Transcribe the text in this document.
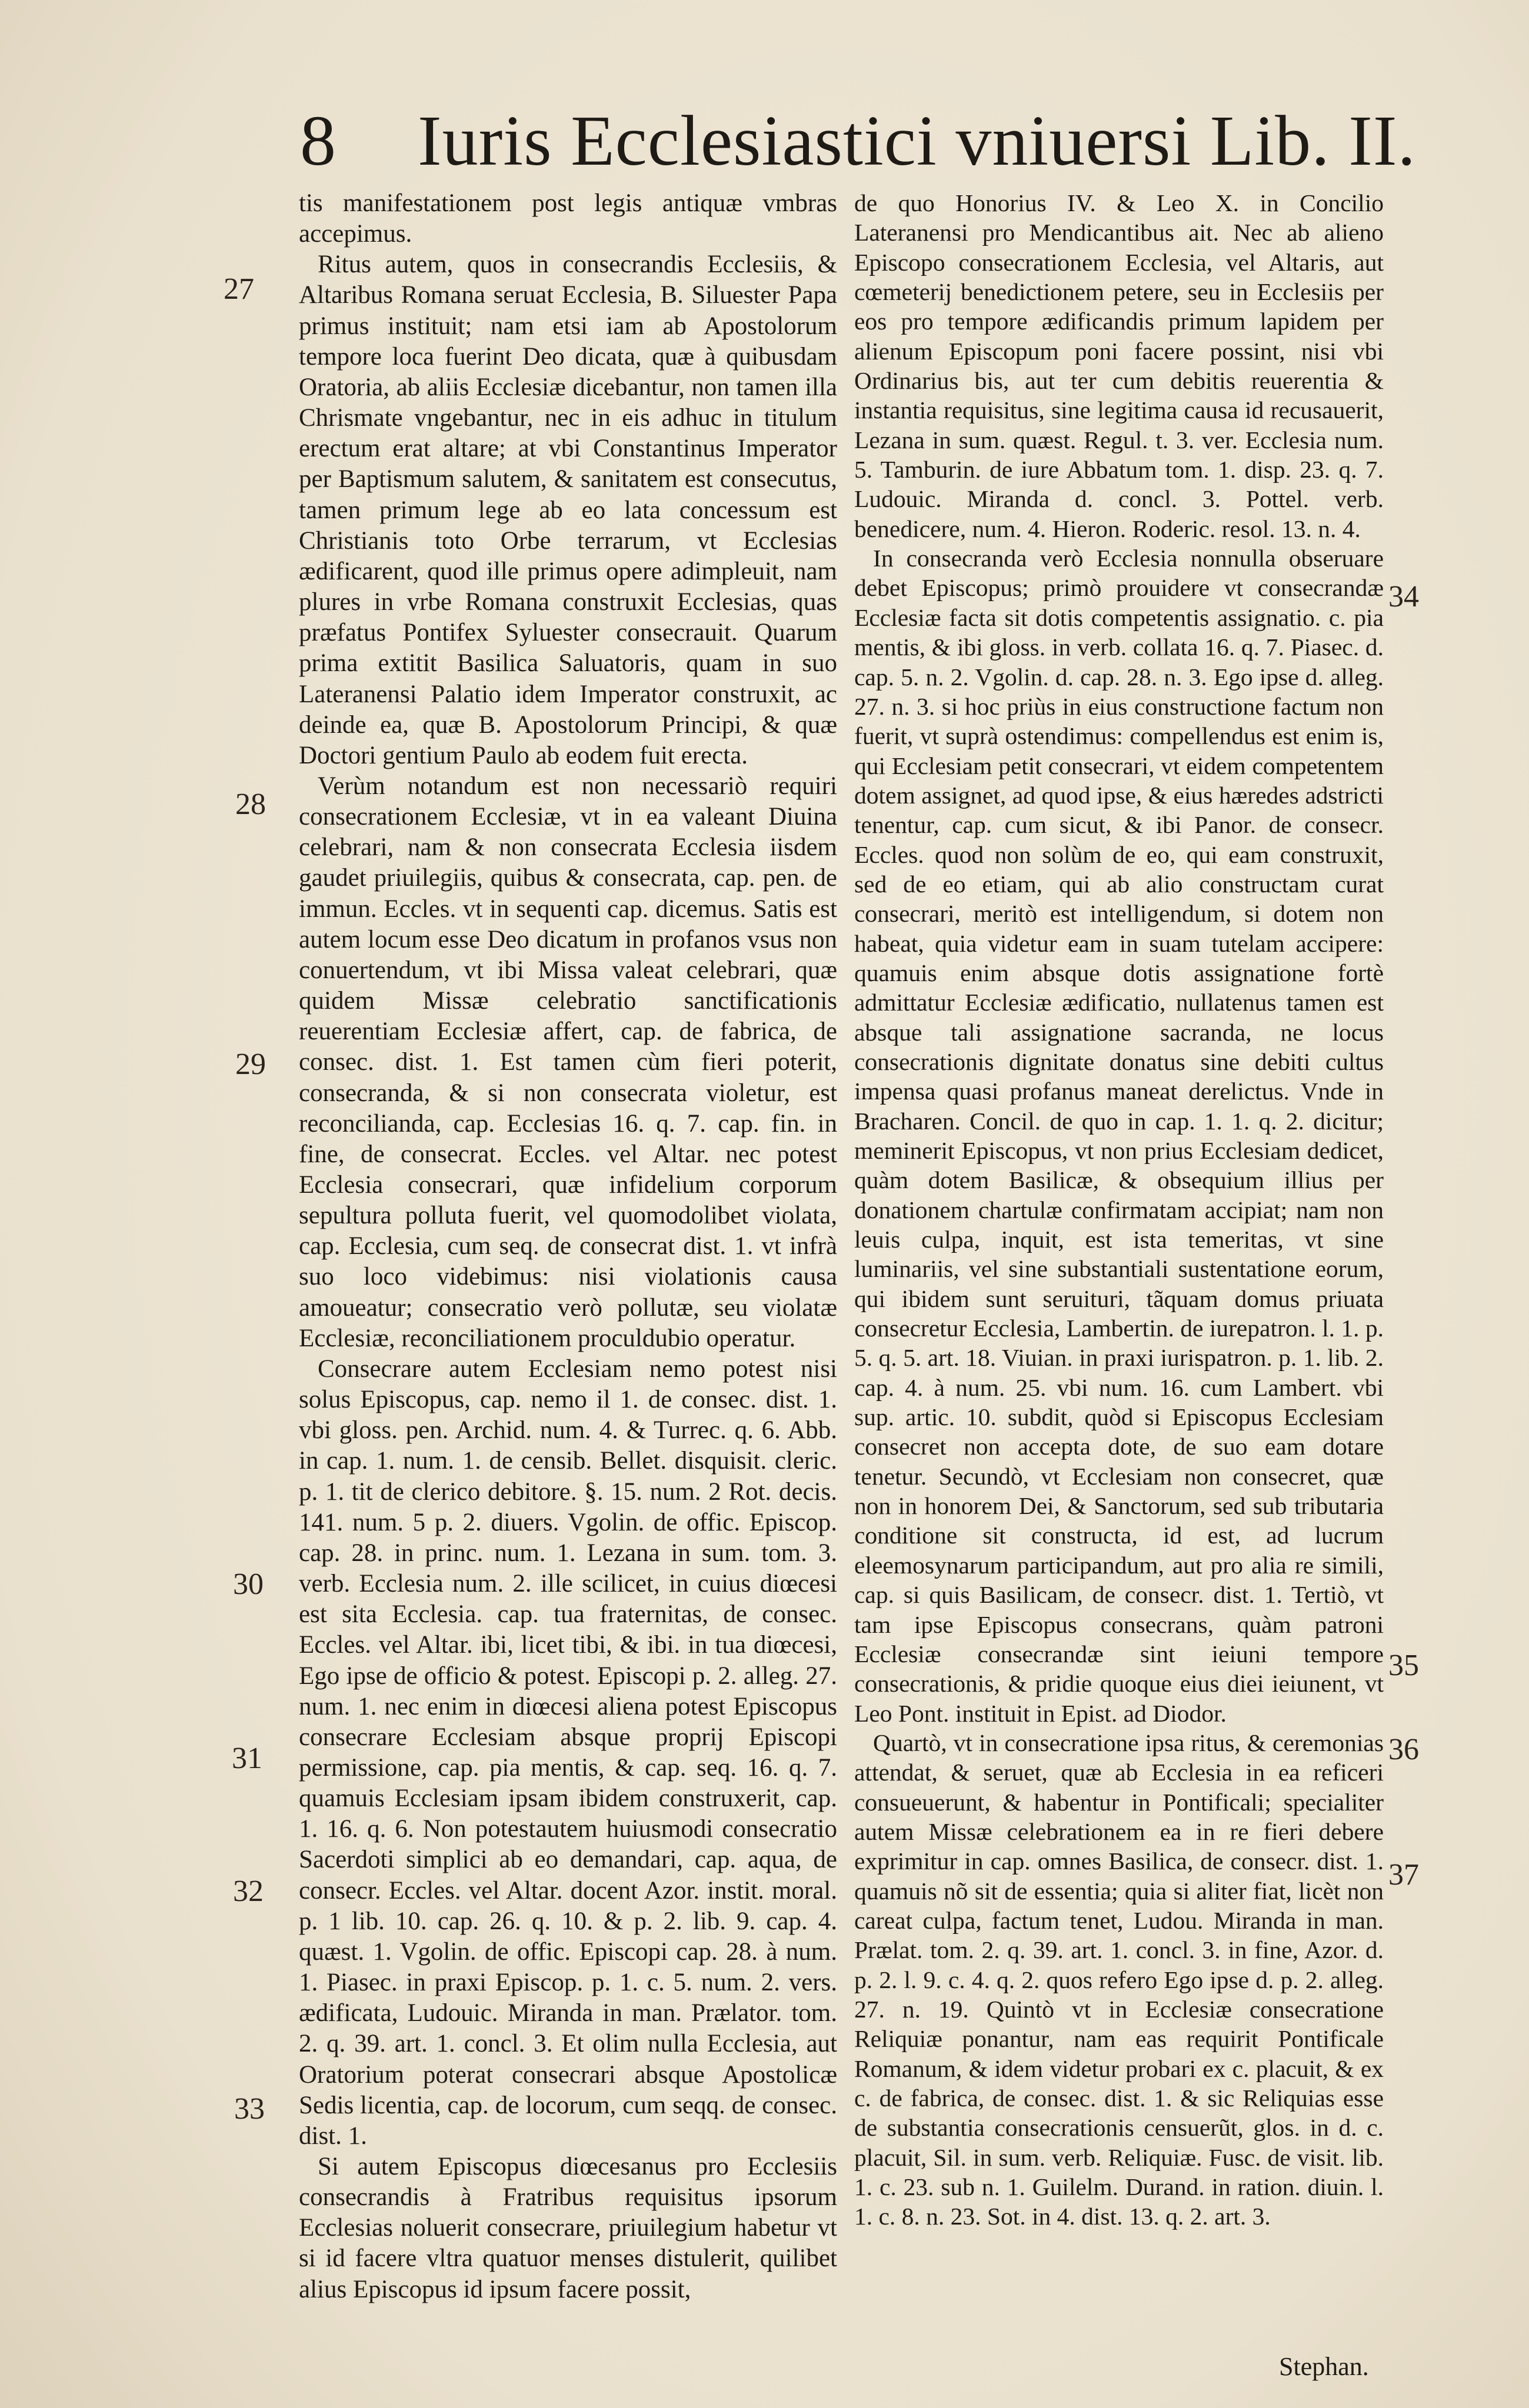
8 Iuris Ecclesiastici vniuersi Lib. II.
27
28
29
30
31
32
33
34
35
36
37

tis manifestationem post legis antiquæ vmbras accepimus.

Ritus autem, quos in consecrandis Ecclesiis, & Altaribus Romana seruat Ecclesia, B. Siluester Papa primus instituit; nam etsi iam ab Apostolorum tempore loca fuerint Deo dicata, quæ à quibusdam Oratoria, ab aliis Ecclesiæ dicebantur, non tamen illa Chrismate vngebantur, nec in eis adhuc in titulum erectum erat altare; at vbi Constantinus Imperator per Baptismum salutem, & sanitatem est consecutus, tamen primum lege ab eo lata concessum est Christianis toto Orbe terrarum, vt Ecclesias ædificarent, quod ille primus opere adimpleuit, nam plures in vrbe Romana construxit Ecclesias, quas præfatus Pontifex Syluester consecrauit. Quarum prima extitit Basilica Saluatoris, quam in suo Lateranensi Palatio idem Imperator construxit, ac deinde ea, quæ B. Apostolorum Principi, & quæ Doctori gentium Paulo ab eodem fuit erecta.

Verùm notandum est non necessariò requiri consecrationem Ecclesiæ, vt in ea valeant Diuina celebrari, nam & non consecrata Ecclesia iisdem gaudet priuilegiis, quibus & consecrata, cap. pen. de immun. Eccles. vt in sequenti cap. dicemus. Satis est autem locum esse Deo dicatum in profanos vsus non conuertendum, vt ibi Missa valeat celebrari, quæ quidem Missæ celebratio sanctificationis reuerentiam Ecclesiæ affert, cap. de fabrica, de consec. dist. 1. Est tamen cùm fieri poterit, consecranda, & si non consecrata violetur, est reconcilianda, cap. Ecclesias 16. q. 7. cap. fin. in fine, de consecrat. Eccles. vel Altar. nec potest Ecclesia consecrari, quæ infidelium corporum sepultura polluta fuerit, vel quomodolibet violata, cap. Ecclesia, cum seq. de consecrat dist. 1. vt infrà suo loco videbimus: nisi violationis causa amoueatur; consecratio verò pollutæ, seu violatæ Ecclesiæ, reconciliationem proculdubio operatur.

Consecrare autem Ecclesiam nemo potest nisi solus Episcopus, cap. nemo il 1. de consec. dist. 1. vbi gloss. pen. Archid. num. 4. & Turrec. q. 6. Abb. in cap. 1. num. 1. de censib. Bellet. disquisit. cleric. p. 1. tit de clerico debitore. §. 15. num. 2 Rot. decis. 141. num. 5 p. 2. diuers. Vgolin. de offic. Episcop. cap. 28. in princ. num. 1. Lezana in sum. tom. 3. verb. Ecclesia num. 2. ille scilicet, in cuius diœcesi est sita Ecclesia. cap. tua fraternitas, de consec. Eccles. vel Altar. ibi, licet tibi, & ibi. in tua diœcesi, Ego ipse de officio & potest. Episcopi p. 2. alleg. 27. num. 1. nec enim in diœcesi aliena potest Episcopus consecrare Ecclesiam absque proprij Episcopi permissione, cap. pia mentis, & cap. seq. 16. q. 7. quamuis Ecclesiam ipsam ibidem construxerit, cap. 1. 16. q. 6. Non potestautem huiusmodi consecratio Sacerdoti simplici ab eo demandari, cap. aqua, de consecr. Eccles. vel Altar. docent Azor. instit. moral. p. 1 lib. 10. cap. 26. q. 10. & p. 2. lib. 9. cap. 4. quæst. 1. Vgolin. de offic. Episcopi cap. 28. à num. 1. Piasec. in praxi Episcop. p. 1. c. 5. num. 2. vers. ædificata, Ludouic. Miranda in man. Prælator. tom. 2. q. 39. art. 1. concl. 3. Et olim nulla Ecclesia, aut Oratorium poterat consecrari absque Apostolicæ Sedis licentia, cap. de locorum, cum seqq. de consec. dist. 1.

Si autem Episcopus diœcesanus pro Ecclesiis consecrandis à Fratribus requisitus ipsorum Ecclesias noluerit consecrare, priuilegium habetur vt si id facere vltra quatuor menses distulerit, quilibet alius Episcopus id ipsum facere possit,

de quo Honorius IV. & Leo X. in Concilio Lateranensi pro Mendicantibus ait. Nec ab alieno Episcopo consecrationem Ecclesia, vel Altaris, aut cœmeterij benedictionem petere, seu in Ecclesiis per eos pro tempore ædificandis primum lapidem per alienum Episcopum poni facere possint, nisi vbi Ordinarius bis, aut ter cum debitis reuerentia & instantia requisitus, sine legitima causa id recusauerit, Lezana in sum. quæst. Regul. t. 3. ver. Ecclesia num. 5. Tamburin. de iure Abbatum tom. 1. disp. 23. q. 7. Ludouic. Miranda d. concl. 3. Pottel. verb. benedicere, num. 4. Hieron. Roderic. resol. 13. n. 4.

In consecranda verò Ecclesia nonnulla obseruare debet Episcopus; primò prouidere vt consecrandæ Ecclesiæ facta sit dotis competentis assignatio. c. pia mentis, & ibi gloss. in verb. collata 16. q. 7. Piasec. d. cap. 5. n. 2. Vgolin. d. cap. 28. n. 3. Ego ipse d. alleg. 27. n. 3. si hoc priùs in eius constructione factum non fuerit, vt suprà ostendimus: compellendus est enim is, qui Ecclesiam petit consecrari, vt eidem competentem dotem assignet, ad quod ipse, & eius hæredes adstricti tenentur, cap. cum sicut, & ibi Panor. de consecr. Eccles. quod non solùm de eo, qui eam construxit, sed de eo etiam, qui ab alio constructam curat consecrari, meritò est intelligendum, si dotem non habeat, quia videtur eam in suam tutelam accipere: quamuis enim absque dotis assignatione fortè admittatur Ecclesiæ ædificatio, nullatenus tamen est absque tali assignatione sacranda, ne locus consecrationis dignitate donatus sine debiti cultus impensa quasi profanus maneat derelictus. Vnde in Bracharen. Concil. de quo in cap. 1. 1. q. 2. dicitur; meminerit Episcopus, vt non prius Ecclesiam dedicet, quàm dotem Basilicæ, & obsequium illius per donationem chartulæ confirmatam accipiat; nam non leuis culpa, inquit, est ista temeritas, vt sine luminariis, vel sine substantiali sustentatione eorum, qui ibidem sunt seruituri, tãquam domus priuata consecretur Ecclesia, Lambertin. de iurepatron. l. 1. p. 5. q. 5. art. 18. Viuian. in praxi iurispatron. p. 1. lib. 2. cap. 4. à num. 25. vbi num. 16. cum Lambert. vbi sup. artic. 10. subdit, quòd si Episcopus Ecclesiam consecret non accepta dote, de suo eam dotare tenetur. Secundò, vt Ecclesiam non consecret, quæ non in honorem Dei, & Sanctorum, sed sub tributaria conditione sit constructa, id est, ad lucrum eleemosynarum participandum, aut pro alia re simili, cap. si quis Basilicam, de consecr. dist. 1. Tertiò, vt tam ipse Episcopus consecrans, quàm patroni Ecclesiæ consecrandæ sint ieiuni tempore consecrationis, & pridie quoque eius diei ieiunent, vt Leo Pont. instituit in Epist. ad Diodor.

Quartò, vt in consecratione ipsa ritus, & ceremonias attendat, & seruet, quæ ab Ecclesia in ea reficeri consueuerunt, & habentur in Pontificali; specialiter autem Missæ celebrationem ea in re fieri debere exprimitur in cap. omnes Basilica, de consecr. dist. 1. quamuis nõ sit de essentia; quia si aliter fiat, licèt non careat culpa, factum tenet, Ludou. Miranda in man. Prælat. tom. 2. q. 39. art. 1. concl. 3. in fine, Azor. d. p. 2. l. 9. c. 4. q. 2. quos refero Ego ipse d. p. 2. alleg. 27. n. 19. Quintò vt in Ecclesiæ consecratione Reliquiæ ponantur, nam eas requirit Pontificale Romanum, & idem videtur probari ex c. placuit, & ex c. de fabrica, de consec. dist. 1. & sic Reliquias esse de substantia consecrationis censuerũt, glos. in d. c. placuit, Sil. in sum. verb. Reliquiæ. Fusc. de visit. lib. 1. c. 23. sub n. 1. Guilelm. Durand. in ration. diuin. l. 1. c. 8. n. 23. Sot. in 4. dist. 13. q. 2. art. 3.

Stephan.
